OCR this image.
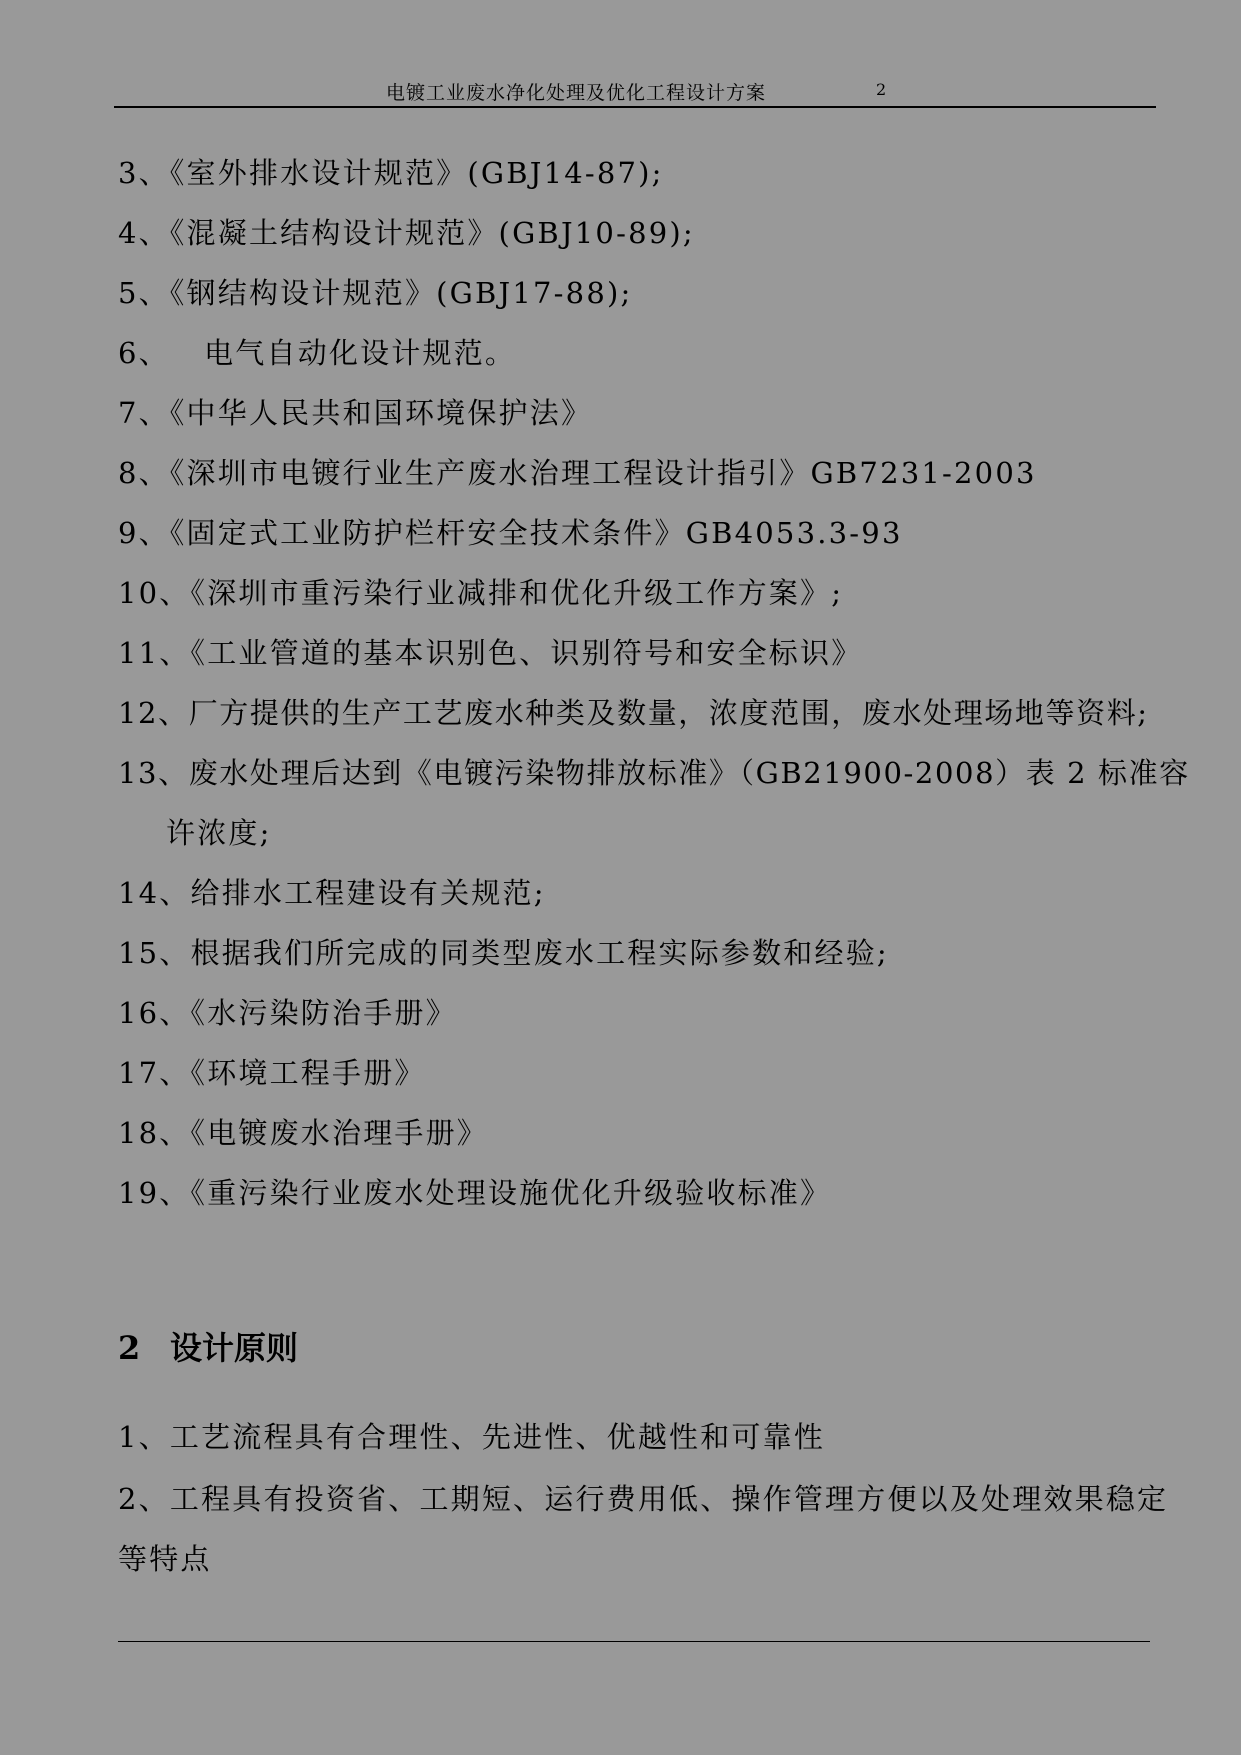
电镀工业废水净化处理及优化工程设计方案	2
3、《室外排水设计规范》(GBJ14-87);
4、《混凝土结构设计规范》(GBJ10-89);
5、《钢结构设计规范》(GBJ17-88);
6、   电气自动化设计规范。
7、《中华人民共和国环境保护法》
8、《深圳市电镀行业生产废水治理工程设计指引》GB7231-2003
9、《固定式工业防护栏杆安全技术条件》GB4053.3-93
10、《深圳市重污染行业减排和优化升级工作方案》;
11、《工业管道的基本识别色、识别符号和安全标识》
12、厂方提供的生产工艺废水种类及数量，浓度范围，废水处理场地等资料;
13、废水处理后达到《电镀污染物排放标准》（GB21900-2008）表 2 标准容
许浓度;
14、给排水工程建设有关规范;
15、根据我们所完成的同类型废水工程实际参数和经验;
16、《水污染防治手册》
17、《环境工程手册》
18、《电镀废水治理手册》
19、《重污染行业废水处理设施优化升级验收标准》
2 设计原则
1、工艺流程具有合理性、先进性、优越性和可靠性
2、工程具有投资省、工期短、运行费用低、操作管理方便以及处理效果稳定
等特点
